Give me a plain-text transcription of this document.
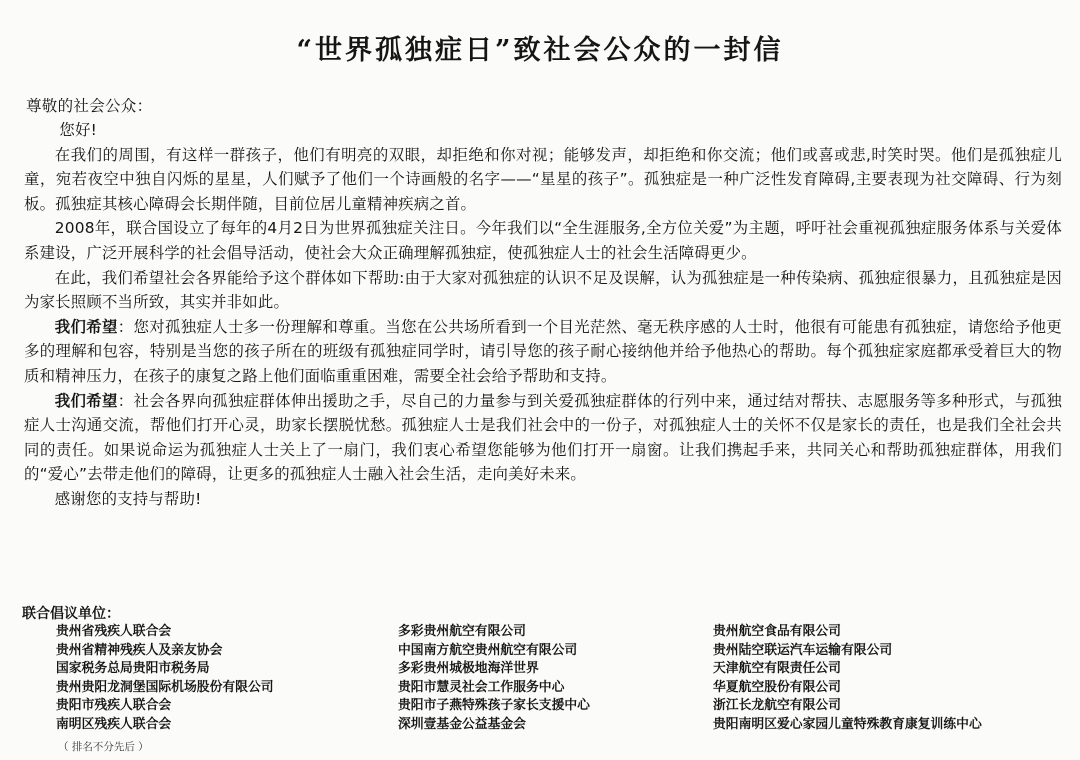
“世界孤独症日”致社会公众的一封信
尊敬的社会公众：

您好!

在我们的周围，有这样一群孩子，他们有明亮的双眼，却拒绝和你对视；能够发声，却拒绝和你交流；他们或喜或悲,时笑时哭。他们是孤独症儿童，宛若夜空中独自闪烁的星星，人们赋予了他们一个诗画般的名字——“星星的孩子”。孤独症是一种广泛性发育障碍,主要表现为社交障碍、行为刻板。孤独症其核心障碍会长期伴随，目前位居儿童精神疾病之首。

2008年，联合国设立了每年的4月2日为世界孤独症关注日。今年我们以“全生涯服务,全方位关爱”为主题，呼吁社会重视孤独症服务体系与关爱体系建设，广泛开展科学的社会倡导活动，使社会大众正确理解孤独症，使孤独症人士的社会生活障碍更少。

在此，我们希望社会各界能给予这个群体如下帮助:由于大家对孤独症的认识不足及误解，认为孤独症是一种传染病、孤独症很暴力，且孤独症是因为家长照顾不当所致，其实并非如此。

我们希望：您对孤独症人士多一份理解和尊重。当您在公共场所看到一个目光茫然、毫无秩序感的人士时，他很有可能患有孤独症，请您给予他更多的理解和包容，特别是当您的孩子所在的班级有孤独症同学时，请引导您的孩子耐心接纳他并给予他热心的帮助。每个孤独症家庭都承受着巨大的物质和精神压力，在孩子的康复之路上他们面临重重困难，需要全社会给予帮助和支持。

我们希望：社会各界向孤独症群体伸出援助之手，尽自己的力量参与到关爱孤独症群体的行列中来，通过结对帮扶、志愿服务等多种形式，与孤独症人士沟通交流，帮他们打开心灵，助家长摆脱忧愁。孤独症人士是我们社会中的一份子，对孤独症人士的关怀不仅是家长的责任，也是我们全社会共同的责任。如果说命运为孤独症人士关上了一扇门，我们衷心希望您能够为他们打开一扇窗。让我们携起手来，共同关心和帮助孤独症群体，用我们的“爱心”去带走他们的障碍，让更多的孤独症人士融入社会生活，走向美好未来。

感谢您的支持与帮助!

联合倡议单位：
贵州省残疾人联合会
贵州省精神残疾人及亲友协会
国家税务总局贵阳市税务局
贵州贵阳龙洞堡国际机场股份有限公司
贵阳市残疾人联合会
南明区残疾人联合会
多彩贵州航空有限公司
中国南方航空贵州航空有限公司
多彩贵州城极地海洋世界
贵阳市慧灵社会工作服务中心
贵阳市子燕特殊孩子家长支援中心
深圳壹基金公益基金会
贵州航空食品有限公司
贵州陆空联运汽车运输有限公司
天津航空有限责任公司
华夏航空股份有限公司
浙江长龙航空有限公司
贵阳南明区爱心家园儿童特殊教育康复训练中心
（ 排名不分先后 ）
